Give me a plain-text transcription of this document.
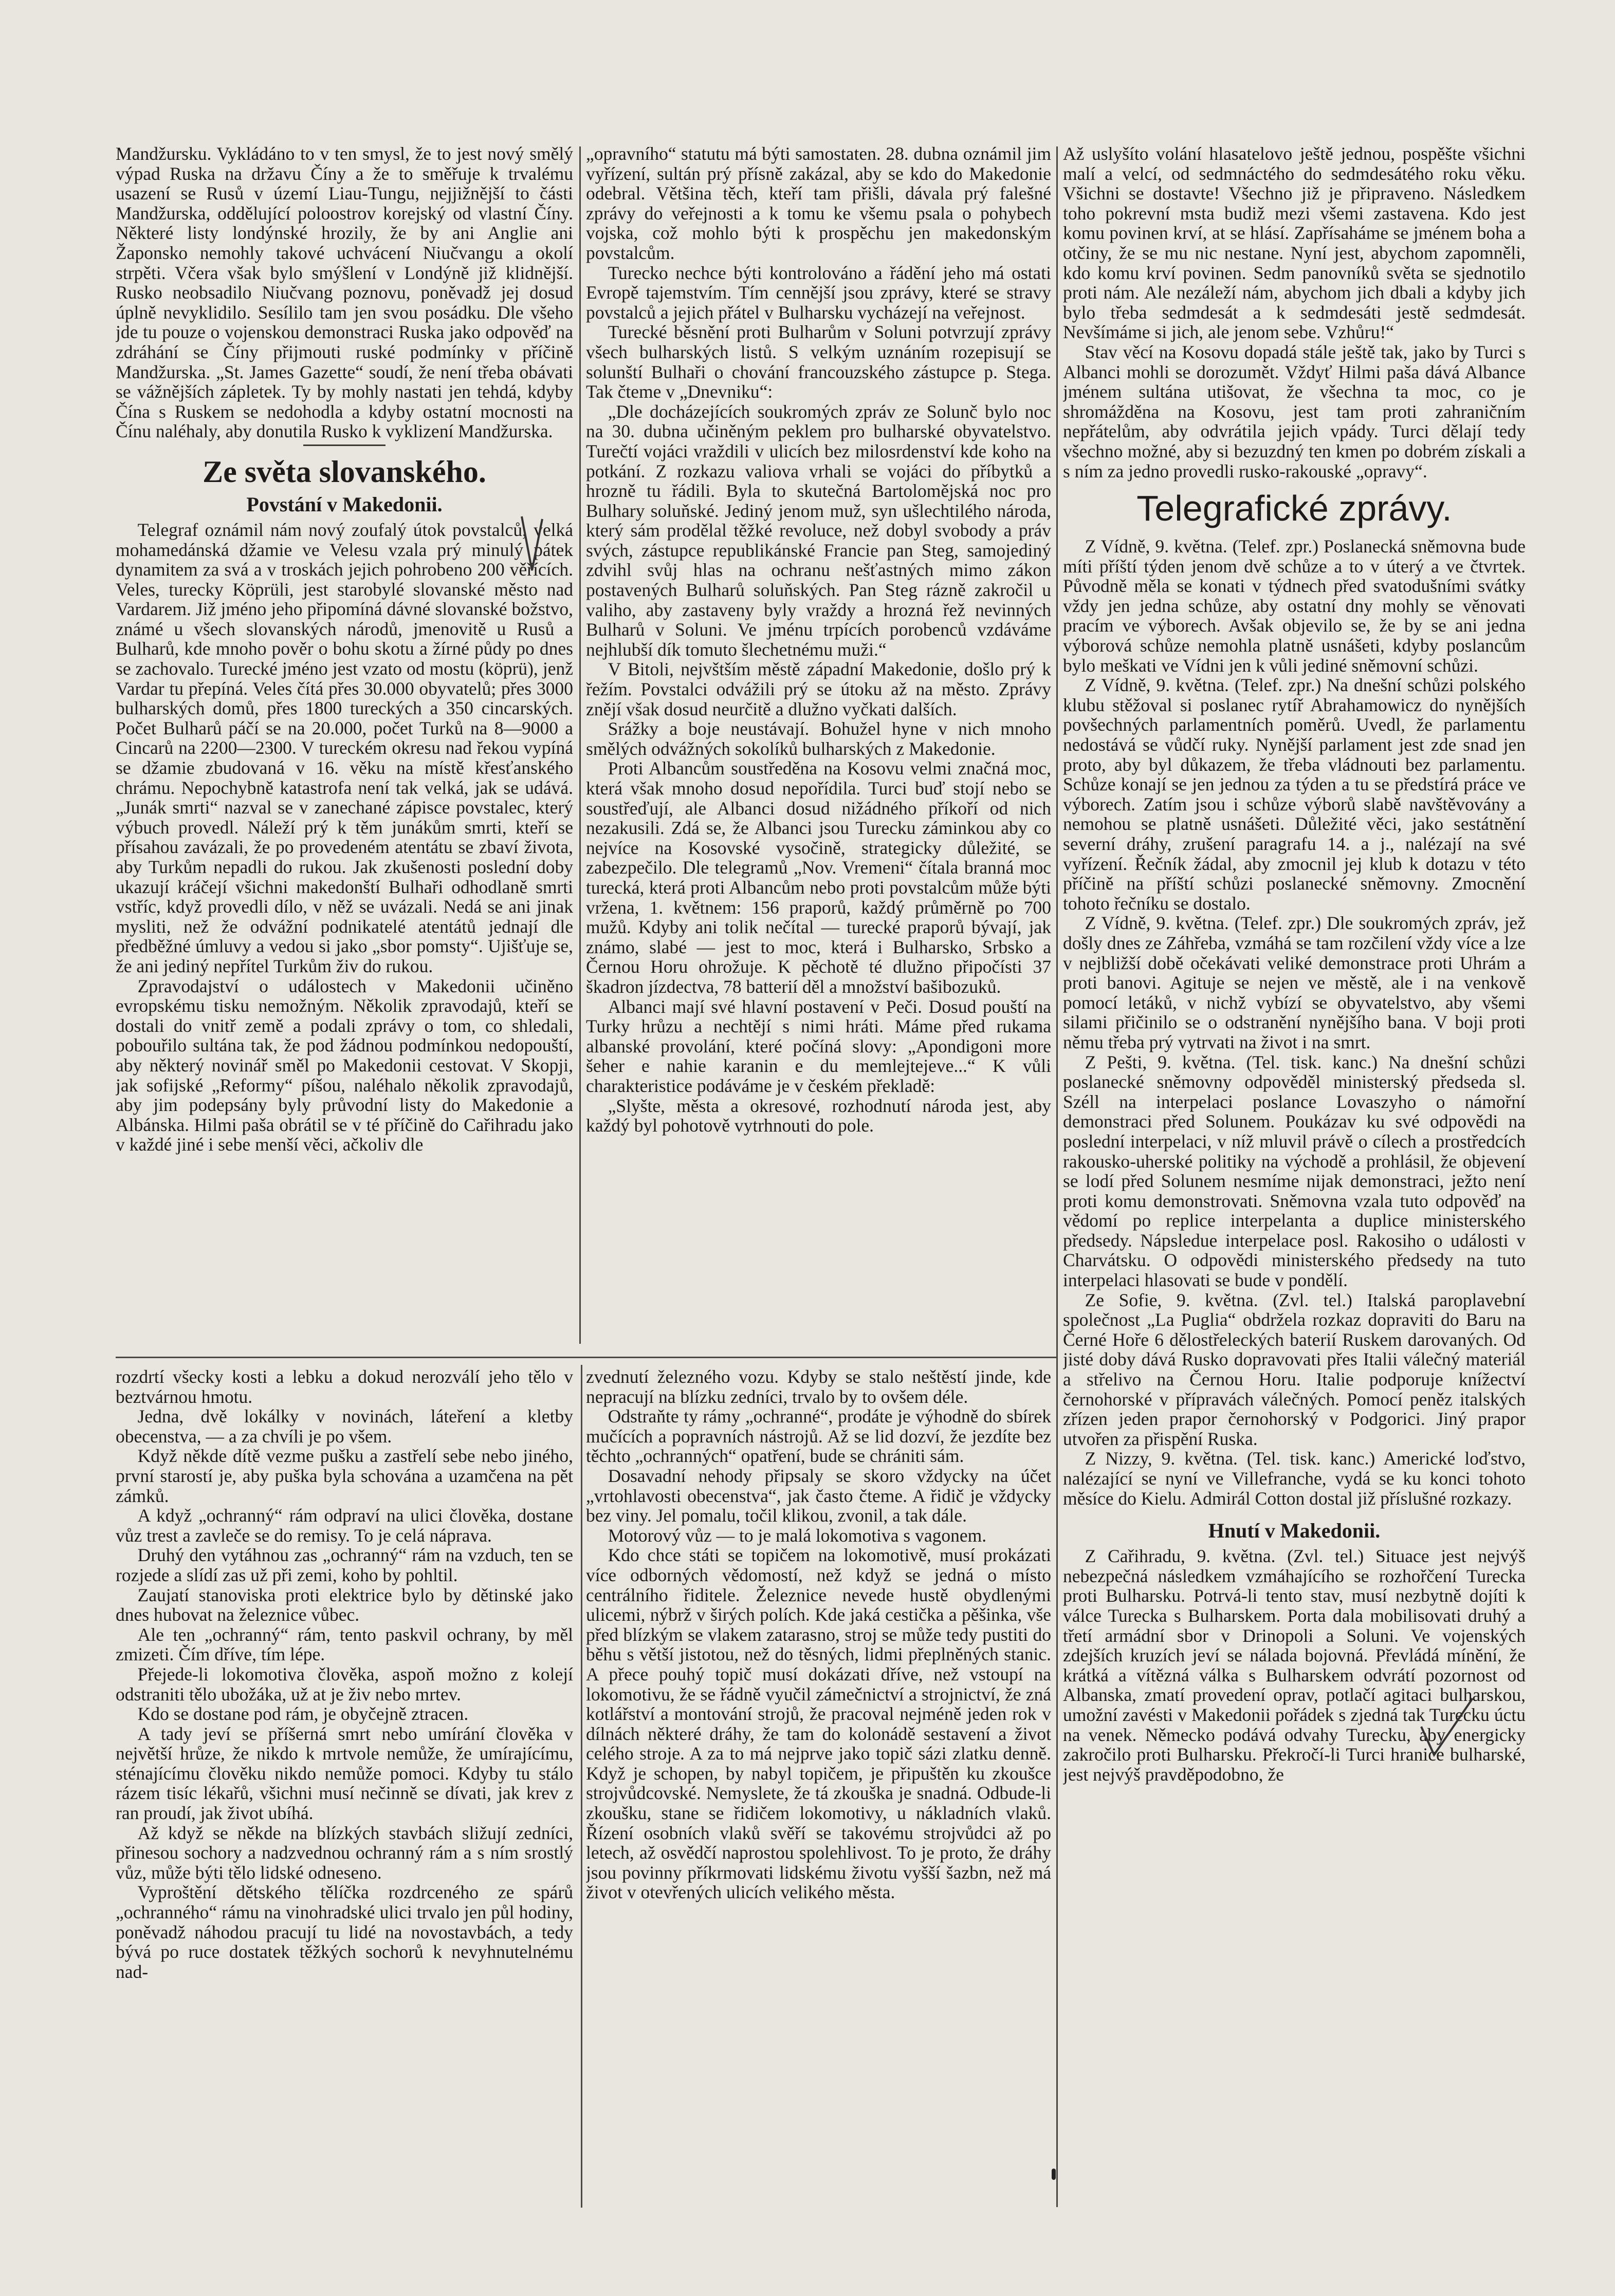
Mandžursku. Vykládáno to v ten smysl, že to jest nový smělý výpad Ruska na državu Číny a že to směřuje k trvalému usazení se Rusů v území Liau-Tungu, nejjižnější to části Mandžurska, oddělující poloostrov korejský od vlastní Číny. Některé listy londýnské hrozily, že by ani Anglie ani Žaponsko nemohly takové uchvácení Niučvangu a okolí strpěti. Včera však bylo smýšlení v Londýně již klidnější. Rusko neobsadilo Niučvang poznovu, poněvadž jej dosud úplně nevyklidilo. Sesílilo tam jen svou posádku. Dle všeho jde tu pouze o vojenskou demonstraci Ruska jako odpověď na zdráhání se Číny přijmouti ruské podmínky v příčině Mandžurska. „St. James Gazette“ soudí, že není třeba obávati se vážnějších zápletek. Ty by mohly nastati jen tehdá, kdyby Čína s Ruskem se nedohodla a kdyby ostatní mocnosti na Čínu naléhaly, aby donutila Rusko k vyklizení Mandžurska.

Ze světa slovanského.
Povstání v Makedonii.

Telegraf oznámil nám nový zoufalý útok povstalců, velká mohamedánská džamie ve Velesu vzala prý minulý pátek dynamitem za svá a v troskách jejich pohrobeno 200 věřících. Veles, turecky Köprüli, jest starobylé slovanské město nad Vardarem. Již jméno jeho připomíná dávné slovanské božstvo, známé u všech slovanských národů, jmenovitě u Rusů a Bulharů, kde mnoho pověr o bohu skotu a žírné půdy po dnes se zachovalo. Turecké jméno jest vzato od mostu (köprü), jenž Vardar tu přepíná. Veles čítá přes 30.000 obyvatelů; přes 3000 bulharských domů, přes 1800 tureckých a 350 cincarských. Počet Bulharů páčí se na 20.000, počet Turků na 8—9000 a Cincarů na 2200—2300. V tureckém okresu nad řekou vypíná se džamie zbudovaná v 16. věku na místě křesťanského chrámu. Nepochybně katastrofa není tak velká, jak se udává. „Junák smrti“ nazval se v zanechané zápisce povstalec, který výbuch provedl. Náleží prý k těm junákům smrti, kteří se přísahou zavázali, že po provedeném atentátu se zbaví života, aby Turkům nepadli do rukou. Jak zkušenosti poslední doby ukazují kráčejí všichni makedonští Bulhaři odhodlaně smrti vstříc, když provedli dílo, v něž se uvázali. Nedá se ani jinak mysliti, než že odvážní podnikatelé atentátů jednají dle předběžné úmluvy a vedou si jako „sbor pomsty“. Ujišťuje se, že ani jediný nepřítel Turkům živ do rukou.

Zpravodajství o událostech v Makedonii učiněno evropskému tisku nemožným. Několik zpravodajů, kteří se dostali do vnitř země a podali zprávy o tom, co shledali, pobouřilo sultána tak, že pod žádnou podmínkou nedopouští, aby některý novinář směl po Makedonii cestovat. V Skopji, jak sofijské „Reformy“ píšou, naléhalo několik zpravodajů, aby jim podepsány byly průvodní listy do Makedonie a Albánska. Hilmi paša obrátil se v té příčině do Cařihradu jako v každé jiné i sebe menší věci, ačkoliv dle

„opravního“ statutu má býti samostaten. 28. dubna oznámil jim vyřízení, sultán prý přísně zakázal, aby se kdo do Makedonie odebral. Většina těch, kteří tam přišli, dávala prý falešné zprávy do veřejnosti a k tomu ke všemu psala o pohybech vojska, což mohlo býti k prospěchu jen makedonským povstalcům.

Turecko nechce býti kontrolováno a řádění jeho má ostati Evropě tajemstvím. Tím cennější jsou zprávy, které se stravy povstalců a jejich přátel v Bulharsku vycházejí na veřejnost.

Turecké běsnění proti Bulharům v Soluni potvrzují zprávy všech bulharských listů. S velkým uznáním rozepisují se solunští Bulhaři o chování francouzského zástupce p. Stega. Tak čteme v „Dnevniku“:

„Dle docházejících soukromých zpráv ze Solunč bylo noc na 30. dubna učiněným peklem pro bulharské obyvatelstvo. Turečtí vojáci vraždili v ulicích bez milosrdenství kde koho na potkání. Z rozkazu valiova vrhali se vojáci do příbytků a hrozně tu řádili. Byla to skutečná Bartolomějská noc pro Bulhary soluňské. Jediný jenom muž, syn ušlechtilého národa, který sám prodělal těžké revoluce, než dobyl svobody a práv svých, zástupce republikánské Francie pan Steg, samojediný zdvihl svůj hlas na ochranu nešťastných mimo zákon postavených Bulharů soluňských. Pan Steg rázně zakročil u valiho, aby zastaveny byly vraždy a hrozná řež nevinných Bulharů v Soluni. Ve jménu trpících porobenců vzdáváme nejhlubší dík tomuto šlechetnému muži.“

V Bitoli, nejvštším městě západní Makedonie, došlo prý k řežím. Povstalci odvážili prý se útoku až na město. Zprávy znějí však dosud neurčitě a dlužno vyčkati dalších.

Srážky a boje neustávají. Bohužel hyne v nich mnoho smělých odvážných sokolíků bulharských z Makedonie.

Proti Albancům soustředěna na Kosovu velmi značná moc, která však mnoho dosud nepořídila. Turci buď stojí nebo se soustřeďují, ale Albanci dosud nižádného příkoří od nich nezakusili. Zdá se, že Albanci jsou Turecku záminkou aby co nejvíce na Kosovské vysočině, strategicky důležité, se zabezpečilo. Dle telegramů „Nov. Vremeni“ čítala branná moc turecká, která proti Albancům nebo proti povstalcům může býti vržena, 1. květnem: 156 praporů, každý průměrně po 700 mužů. Kdyby ani tolik nečítal — turecké praporů bývají, jak známo, slabé — jest to moc, která i Bulharsko, Srbsko a Černou Horu ohrožuje. K pěchotě té dlužno připočísti 37 škadron jízdectva, 78 batterií děl a množství bašibozuků.

Albanci mají své hlavní postavení v Peči. Dosud pouští na Turky hrůzu a nechtějí s nimi hráti. Máme před rukama albanské provolání, které počíná slovy: „Apondigoni more šeher e nahie karanin e du memlejtejeve...“ K vůli charakteristice podáváme je v českém překladě:

„Slyšte, města a okresové, rozhodnutí národa jest, aby každý byl pohotově vytrhnouti do pole.

Až uslyšíto volání hlasatelovo ještě jednou, pospěšte všichni malí a velcí, od sedmnáctého do sedmdesátého roku věku. Všichni se dostavte! Všechno již je připraveno. Následkem toho pokrevní msta budiž mezi všemi zastavena. Kdo jest komu povinen krví, at se hlásí. Zapřísaháme se jménem boha a otčiny, že se mu nic nestane. Nyní jest, abychom zapomněli, kdo komu krví povinen. Sedm panovníků světa se sjednotilo proti nám. Ale nezáleží nám, abychom jich dbali a kdyby jich bylo třeba sedmdesát a k sedmdesáti jestě sedmdesát. Nevšímáme si jich, ale jenom sebe. Vzhůru!“

Stav věcí na Kosovu dopadá stále ještě tak, jako by Turci s Albanci mohli se dorozumět. Vždyť Hilmi paša dává Albance jménem sultána utišovat, že všechna ta moc, co je shromážděna na Kosovu, jest tam proti zahraničním nepřátelům, aby odvrátila jejich vpády. Turci dělají tedy všechno možné, aby si bezuzdný ten kmen po dobrém získali a s ním za jedno provedli rusko-rakouské „opravy“.

Telegrafické zprávy.

Z Vídně, 9. května. (Telef. zpr.) Poslanecká sněmovna bude míti příští týden jenom dvě schůze a to v úterý a ve čtvrtek. Původně měla se konati v týdnech před svatodušními svátky vždy jen jedna schůze, aby ostatní dny mohly se věnovati pracím ve výborech. Avšak objevilo se, že by se ani jedna výborová schůze nemohla platně usnášeti, kdyby poslancům bylo meškati ve Vídni jen k vůli jediné sněmovní schůzi.

Z Vídně, 9. května. (Telef. zpr.) Na dnešní schůzi polského klubu stěžoval si poslanec rytíř Abrahamowicz do nynějších povšechných parlamentních poměrů. Uvedl, že parlamentu nedostává se vůdčí ruky. Nynější parlament jest zde snad jen proto, aby byl důkazem, že třeba vládnouti bez parlamentu. Schůze konají se jen jednou za týden a tu se předstírá práce ve výborech. Zatím jsou i schůze výborů slabě navštěvovány a nemohou se platně usnášeti. Důležité věci, jako sestátnění severní dráhy, zrušení paragrafu 14. a j., nalézají na své vyřízení. Řečník žádal, aby zmocnil jej klub k dotazu v této příčině na příští schůzi poslanecké sněmovny. Zmocnění tohoto řečníku se dostalo.

Z Vídně, 9. května. (Telef. zpr.) Dle soukromých zpráv, jež došly dnes ze Záhřeba, vzmáhá se tam rozčilení vždy více a lze v nejbližší době očekávati veliké demonstrace proti Uhrám a proti banovi. Agituje se nejen ve městě, ale i na venkově pomocí letáků, v nichž vybízí se obyvatelstvo, aby všemi silami přičinilo se o odstranění nynějšího bana. V boji proti němu třeba prý vytrvati na život i na smrt.

Z Pešti, 9. května. (Tel. tisk. kanc.) Na dnešní schůzi poslanecké sněmovny odpověděl ministerský předseda sl. Széll na interpelaci poslance Lovaszyho o námořní demonstraci před Solunem. Poukázav ku své odpovědi na poslední interpelaci, v níž mluvil právě o cílech a prostředcích rakousko-uherské politiky na východě a prohlásil, že objevení se lodí před Solunem nesmíme nijak demonstraci, ježto není proti komu demonstrovati. Sněmovna vzala tuto odpověď na vědomí po replice interpelanta a duplice ministerského předsedy. Nápsledue interpelace posl. Rakosiho o události v Charvátsku. O odpovědi ministerského předsedy na tuto interpelaci hlasovati se bude v pondělí.

Ze Sofie, 9. května. (Zvl. tel.) Italská paroplavební společnost „La Puglia“ obdržela rozkaz dopraviti do Baru na Černé Hoře 6 dělostřeleckých baterií Ruskem darovaných. Od jisté doby dává Rusko dopravovati přes Italii válečný materiál a střelivo na Černou Horu. Italie podporuje knížectví černohorské v přípravách válečných. Pomocí peněz italských zřízen jeden prapor černohorský v Podgorici. Jiný prapor utvořen za přispění Ruska.

Z Nizzy, 9. května. (Tel. tisk. kanc.) Americké loďstvo, nalézající se nyní ve Villefranche, vydá se ku konci tohoto měsíce do Kielu. Admirál Cotton dostal již příslušné rozkazy.

Hnutí v Makedonii.

Z Cařihradu, 9. května. (Zvl. tel.) Situace jest nejvýš nebezpečná následkem vzmáhajícího se rozhořčení Turecka proti Bulharsku. Potrvá-li tento stav, musí nezbytně dojíti k válce Turecka s Bulharskem. Porta dala mobilisovati druhý a třetí armádní sbor v Drinopoli a Soluni. Ve vojenských zdejších kruzích jeví se nálada bojovná. Převládá mínění, že krátká a vítězná válka s Bulharskem odvrátí pozornost od Albanska, zmatí provedení oprav, potlačí agitaci bulharskou, umožní zavésti v Makedonii pořádek s zjedná tak Turecku úctu na venek. Německo podává odvahy Turecku, aby energicky zakročilo proti Bulharsku. Překročí-li Turci hranice bulharské, jest nejvýš pravděpodobno, že

rozdrtí všecky kosti a lebku a dokud nerozválí jeho tělo v beztvárnou hmotu.

Jedna, dvě lokálky v novinách, láteření a kletby obecenstva, — a za chvíli je po všem.

Když někde dítě vezme pušku a zastřelí sebe nebo jiného, první starostí je, aby puška byla schována a uzamčena na pět zámků.

A když „ochranný“ rám odpraví na ulici člověka, dostane vůz trest a zavleče se do remisy. To je celá náprava.

Druhý den vytáhnou zas „ochranný“ rám na vzduch, ten se rozjede a slídí zas už při zemi, koho by pohltil.

Zaujatí stanoviska proti elektrice bylo by dětinské jako dnes hubovat na železnice vůbec.

Ale ten „ochranný“ rám, tento paskvil ochrany, by měl zmizeti. Čím dříve, tím lépe.

Přejede-li lokomotiva člověka, aspoň možno z kolejí odstraniti tělo ubožáka, už at je živ nebo mrtev.

Kdo se dostane pod rám, je obyčejně ztracen.

A tady jeví se příšerná smrt nebo umírání člověka v největší hrůze, že nikdo k mrtvole nemůže, že umírajícímu, sténajícímu člověku nikdo nemůže pomoci. Kdyby tu stálo rázem tisíc lékařů, všichni musí nečinně se dívati, jak krev z ran proudí, jak život ubíhá.

Až když se někde na blízkých stavbách sližují zedníci, přinesou sochory a nadzvednou ochranný rám a s ním srostlý vůz, může býti tělo lidské odneseno.

Vyproštění dětského tělíčka rozdrceného ze spárů „ochranného“ rámu na vinohradské ulici trvalo jen půl hodiny, poněvadž náhodou pracují tu lidé na novostavbách, a tedy bývá po ruce dostatek těžkých sochorů k nevyhnutelnému nad-

zvednutí železného vozu. Kdyby se stalo neštěstí jinde, kde nepracují na blízku zedníci, trvalo by to ovšem déle.

Odstraňte ty rámy „ochranné“, prodáte je výhodně do sbírek mučících a popravních nástrojů. Až se lid dozví, že jezdíte bez těchto „ochranných“ opatření, bude se chrániti sám.

Dosavadní nehody připsaly se skoro vždycky na účet „vrtohlavosti obecenstva“, jak často čteme. A řidič je vždycky bez viny. Jel pomalu, točil klikou, zvonil, a tak dále.

Motorový vůz — to je malá lokomotiva s vagonem.

Kdo chce státi se topičem na lokomotivě, musí prokázati více odborných vědomostí, než když se jedná o místo centrálního řiditele. Železnice nevede hustě obydlenými ulicemi, nýbrž v širých polích. Kde jaká cestička a pěšinka, vše před blízkým se vlakem zatarasno, stroj se může tedy pustiti do běhu s větší jistotou, než do těsných, lidmi přeplněných stanic. A přece pouhý topič musí dokázati dříve, než vstoupí na lokomotivu, že se řádně vyučil zámečnictví a strojnictví, že zná kotlářství a montování strojů, že pracoval nejméně jeden rok v dílnách některé dráhy, že tam do kolonádě sestavení a život celého stroje. A za to má nejprve jako topič sázi zlatku denně. Když je schopen, by nabyl topičem, je připuštěn ku zkoušce strojvůdcovské. Nemyslete, že tá zkouška je snadná. Odbude-li zkoušku, stane se řidičem lokomotivy, u nákladních vlaků. Řízení osobních vlaků svěří se takovému strojvůdci až po letech, až osvědčí naprostou spolehlivost. To je proto, že dráhy jsou povinny příkrmovati lidskému životu vyšší šazbn, než má život v otevřených ulicích velikého města.
